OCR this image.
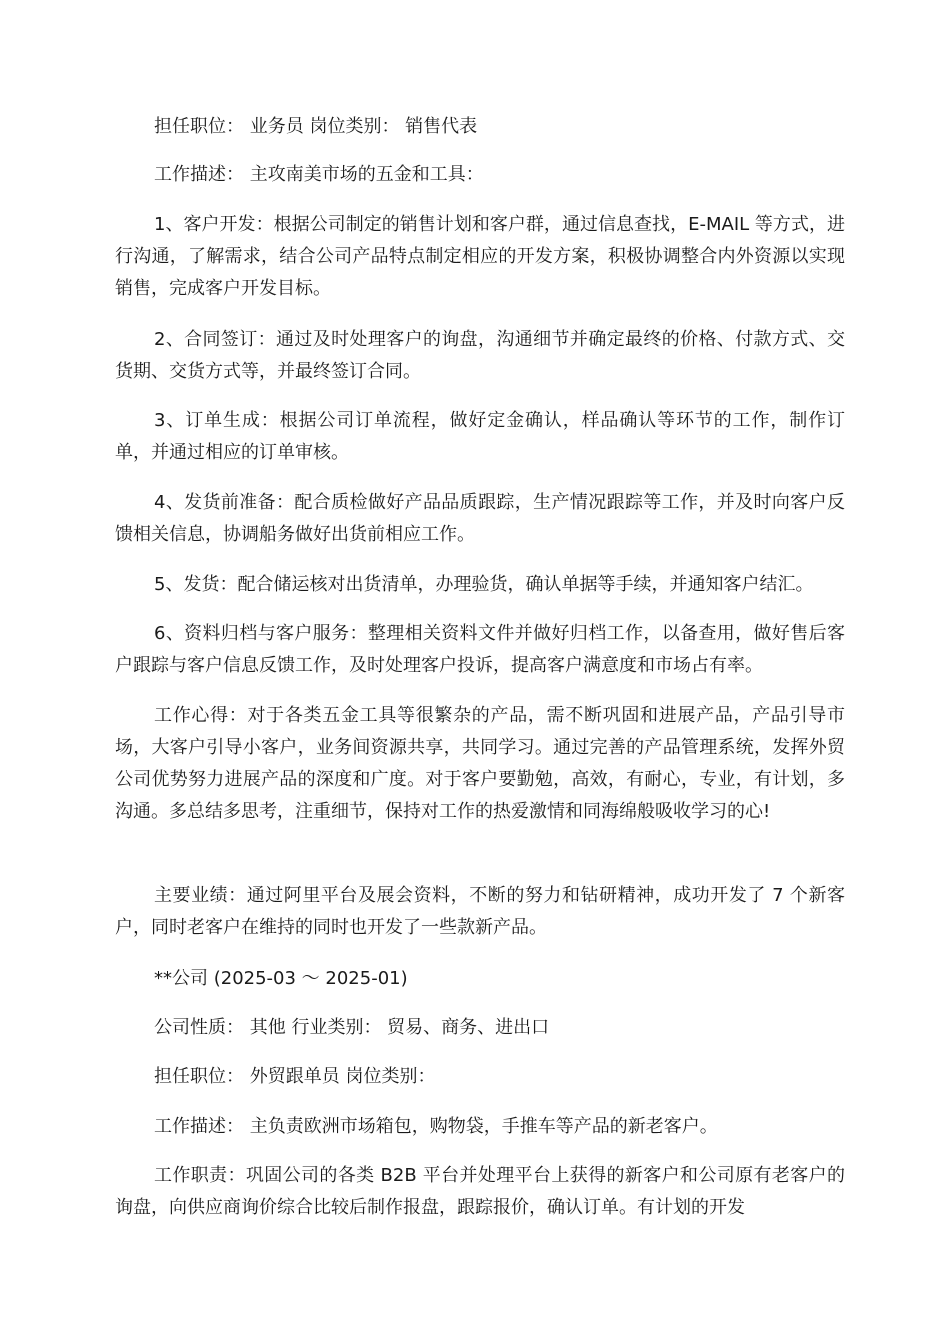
担任职位： 业务员 岗位类别： 销售代表

工作描述： 主攻南美市场的五金和工具：

1、客户开发：根据公司制定的销售计划和客户群，通过信息查找，E-MAIL 等方式，进行沟通，了解需求，结合公司产品特点制定相应的开发方案，积极协调整合内外资源以实现销售，完成客户开发目标。

2、合同签订：通过及时处理客户的询盘，沟通细节并确定最终的价格、付款方式、交货期、交货方式等，并最终签订合同。

3、订单生成：根据公司订单流程，做好定金确认，样品确认等环节的工作，制作订单，并通过相应的订单审核。

4、发货前准备：配合质检做好产品品质跟踪，生产情况跟踪等工作，并及时向客户反馈相关信息，协调船务做好出货前相应工作。

5、发货：配合储运核对出货清单，办理验货，确认单据等手续，并通知客户结汇。

6、资料归档与客户服务：整理相关资料文件并做好归档工作，以备查用，做好售后客户跟踪与客户信息反馈工作，及时处理客户投诉，提高客户满意度和市场占有率。

工作心得：对于各类五金工具等很繁杂的产品，需不断巩固和进展产品，产品引导市场，大客户引导小客户，业务间资源共享，共同学习。通过完善的产品管理系统，发挥外贸公司优势努力进展产品的深度和广度。对于客户要勤勉，高效，有耐心，专业，有计划，多沟通。多总结多思考，注重细节，保持对工作的热爱激情和同海绵般吸收学习的心!

主要业绩：通过阿里平台及展会资料，不断的努力和钻研精神，成功开发了 7 个新客户，同时老客户在维持的同时也开发了一些款新产品。

**公司 (2025-03 ～ 2025-01)

公司性质： 其他 行业类别： 贸易、商务、进出口

担任职位： 外贸跟单员 岗位类别：

工作描述： 主负责欧洲市场箱包，购物袋，手推车等产品的新老客户。

工作职责：巩固公司的各类 B2B 平台并处理平台上获得的新客户和公司原有老客户的询盘，向供应商询价综合比较后制作报盘，跟踪报价，确认订单。有计划的开发
